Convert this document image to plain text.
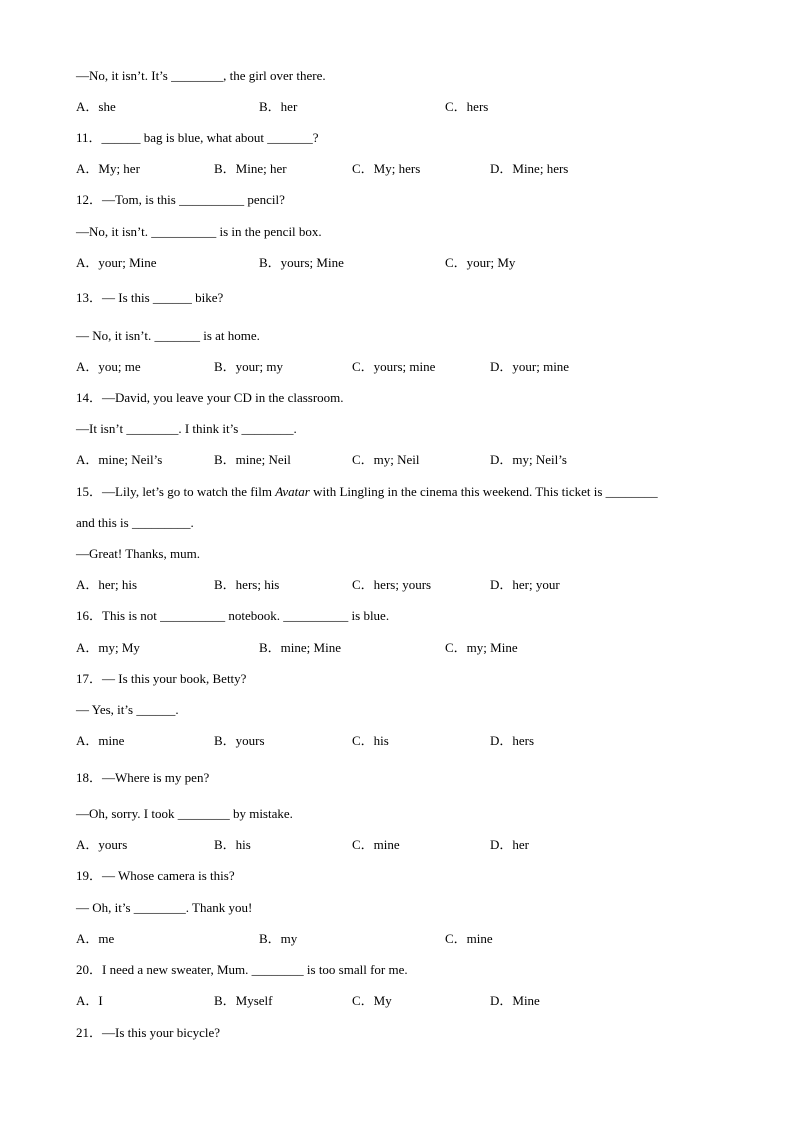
—No, it isn’t. It’s ________, the girl over there.
A．she	B．her	C．hers
11．______ bag is blue, what about _______?
A．My; her	B．Mine; her	C．My; hers	D．Mine; hers
12．—Tom, is this __________ pencil?
—No, it isn’t. __________ is in the pencil box.
A．your; Mine	B．yours; Mine	C．your; My
13．— Is this ______ bike?
— No, it isn’t. _______ is at home.
A．you; me	B．your; my	C．yours; mine	D．your; mine
14．—David, you leave your CD in the classroom.
—It isn’t ________. I think it’s ________.
A．mine; Neil’s	B．mine; Neil	C．my; Neil	D．my; Neil’s
15．—Lily, let’s go to watch the film Avatar with Lingling in the cinema this weekend. This ticket is ________
and this is _________.
—Great! Thanks, mum.
A．her; his	B．hers; his	C．hers; yours	D．her; your
16．This is not __________ notebook. __________ is blue.
A．my; My	B．mine; Mine	C．my; Mine
17．— Is this your book, Betty?
— Yes, it’s ______.
A．mine	B．yours	C．his	D．hers
18．—Where is my pen?
—Oh, sorry. I took ________ by mistake.
A．yours	B．his	C．mine	D．her
19．— Whose camera is this?
— Oh, it’s ________. Thank you!
A．me	B．my	C．mine
20．I need a new sweater, Mum. ________ is too small for me.
A．I	B．Myself	C．My	D．Mine
21．—Is this your bicycle?
